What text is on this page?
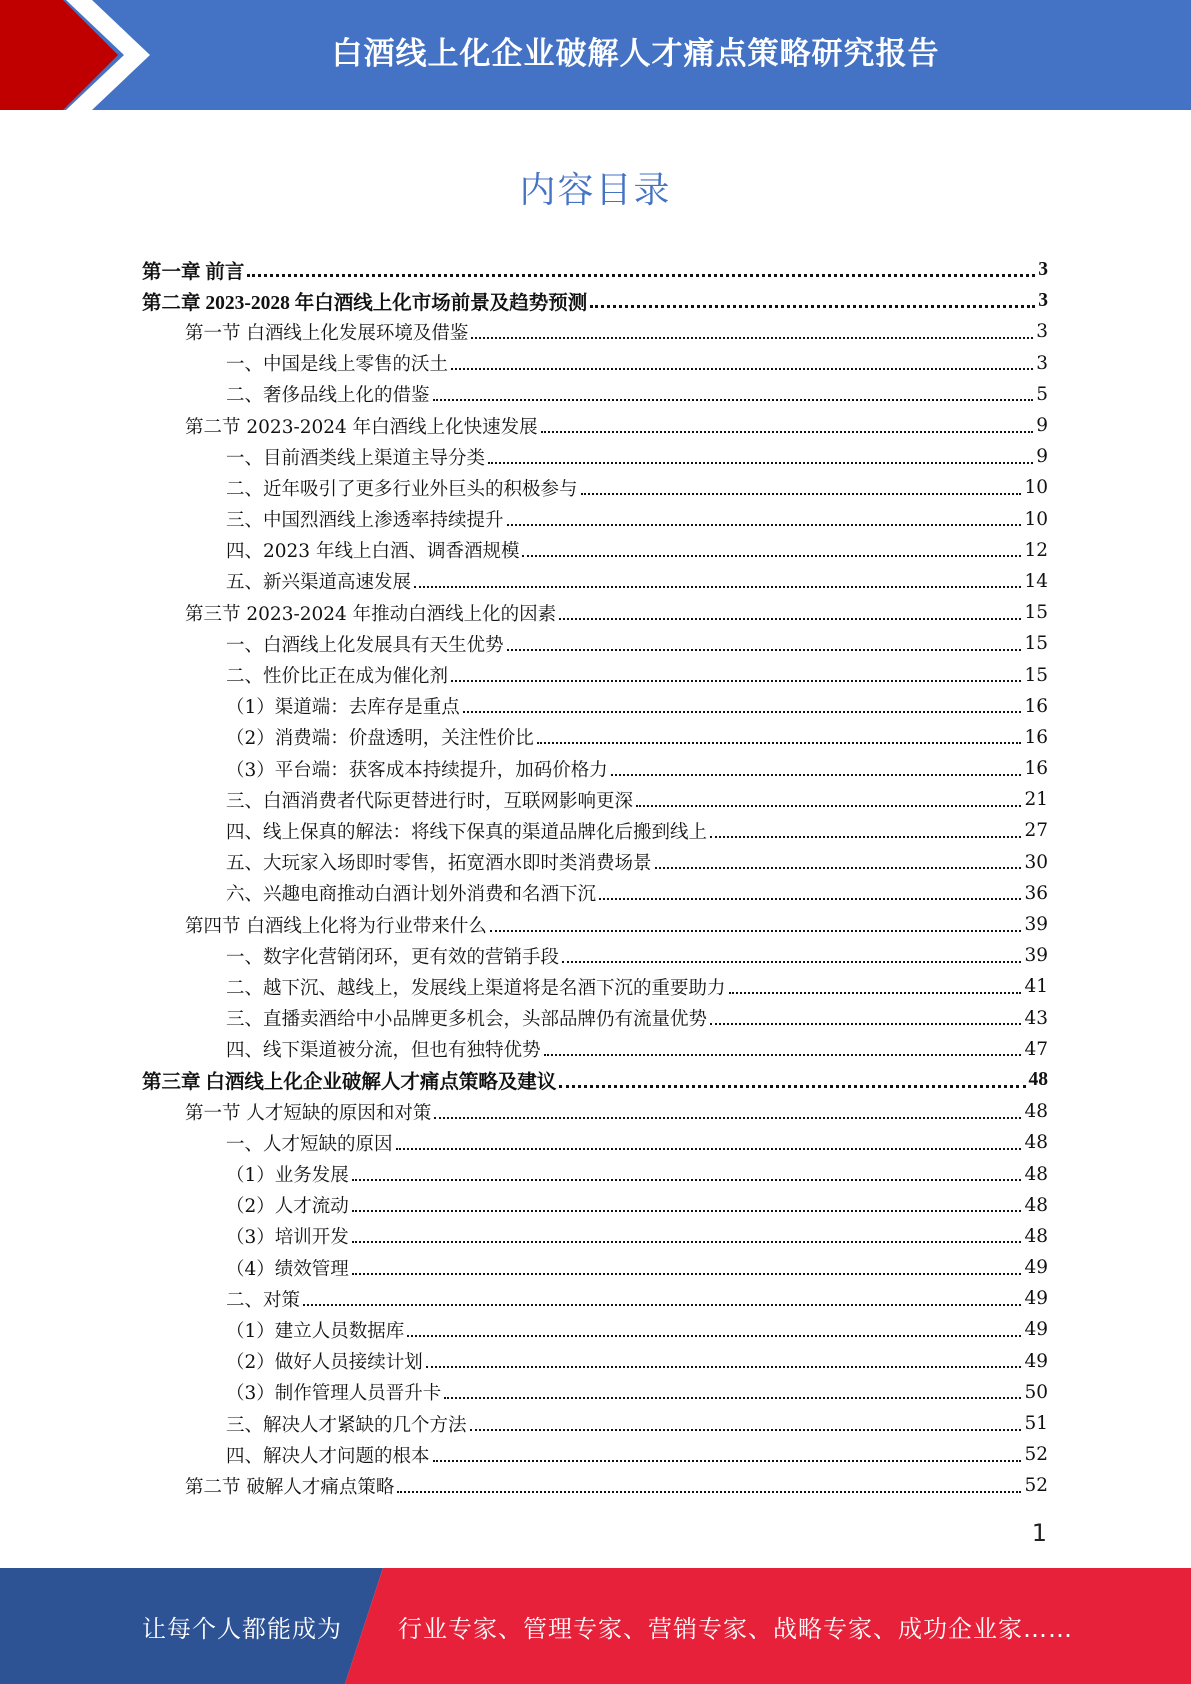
白酒线上化企业破解人才痛点策略研究报告
内容目录
第一章 前言	3
第二章 2023-2028 年白酒线上化市场前景及趋势预测	3
第一节 白酒线上化发展环境及借鉴	3
一、中国是线上零售的沃土	3
二、奢侈品线上化的借鉴	5
第二节 2023-2024 年白酒线上化快速发展	9
一、目前酒类线上渠道主导分类	9
二、近年吸引了更多行业外巨头的积极参与	10
三、中国烈酒线上渗透率持续提升	10
四、2023 年线上白酒、调香酒规模	12
五、新兴渠道高速发展	14
第三节 2023-2024 年推动白酒线上化的因素	15
一、白酒线上化发展具有天生优势	15
二、性价比正在成为催化剂	15
（1）渠道端：去库存是重点	16
（2）消费端：价盘透明，关注性价比	16
（3）平台端：获客成本持续提升，加码价格力	16
三、白酒消费者代际更替进行时，互联网影响更深	21
四、线上保真的解法：将线下保真的渠道品牌化后搬到线上	27
五、大玩家入场即时零售，拓宽酒水即时类消费场景	30
六、兴趣电商推动白酒计划外消费和名酒下沉	36
第四节 白酒线上化将为行业带来什么	39
一、数字化营销闭环，更有效的营销手段	39
二、越下沉、越线上，发展线上渠道将是名酒下沉的重要助力	41
三、直播卖酒给中小品牌更多机会，头部品牌仍有流量优势	43
四、线下渠道被分流，但也有独特优势	47
第三章 白酒线上化企业破解人才痛点策略及建议	48
第一节 人才短缺的原因和对策	48
一、人才短缺的原因	48
（1）业务发展	48
（2）人才流动	48
（3）培训开发	48
（4）绩效管理	49
二、对策	49
（1）建立人员数据库	49
（2）做好人员接续计划	49
（3）制作管理人员晋升卡	50
三、解决人才紧缺的几个方法	51
四、解决人才问题的根本	52
第二节 破解人才痛点策略	52
1
让每个人都能成为 行业专家、管理专家、营销专家、战略专家、成功企业家……
